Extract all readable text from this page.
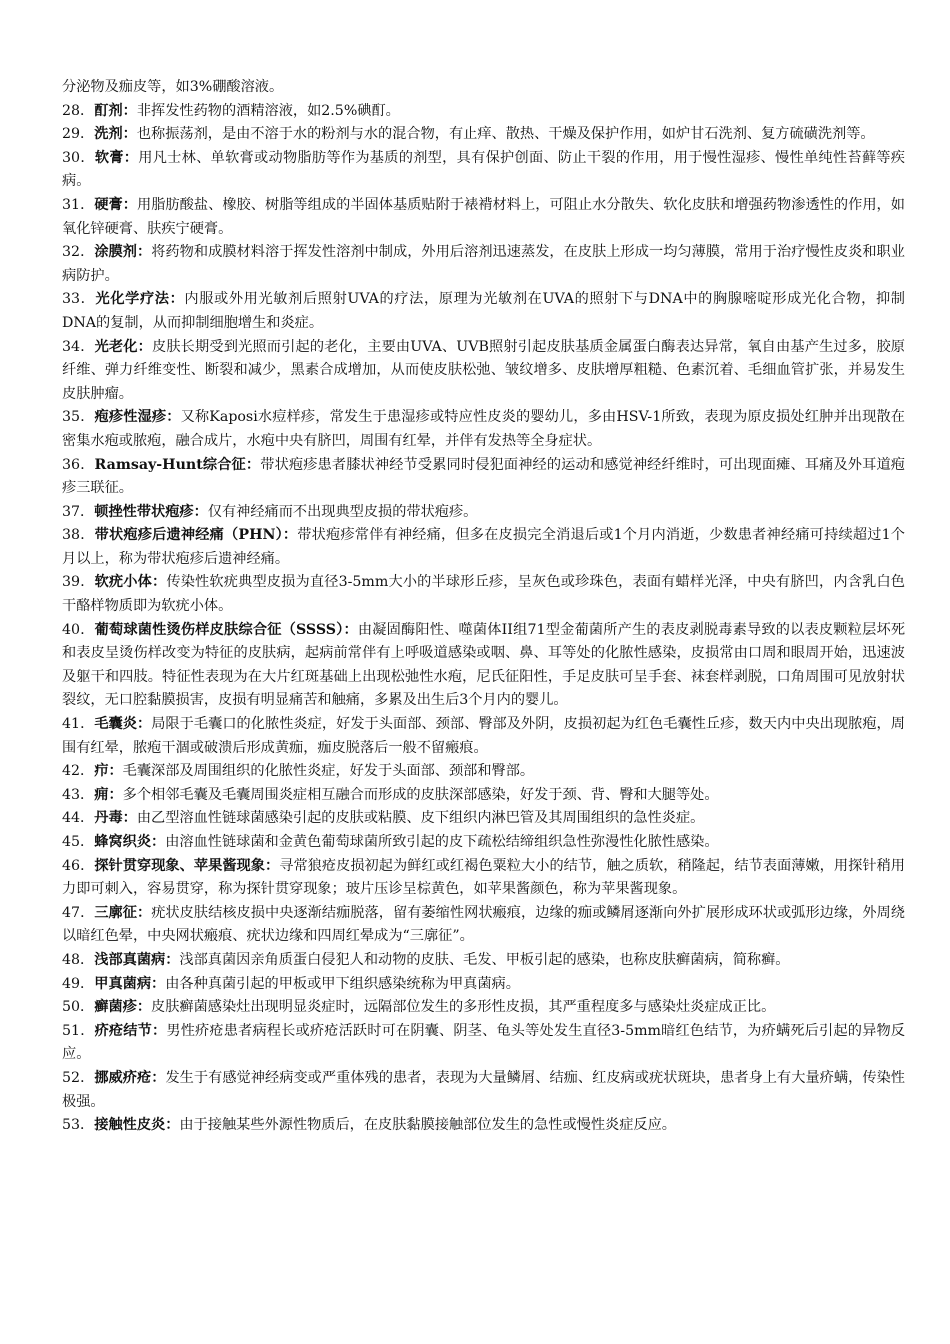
分泌物及痂皮等，如3%硼酸溶液。

28．酊剂：非挥发性药物的酒精溶液，如2.5%碘酊。

29．洗剂：也称振荡剂，是由不溶于水的粉剂与水的混合物，有止痒、散热、干燥及保护作用，如炉甘石洗剂、复方硫磺洗剂等。

30．软膏：用凡士林、单软膏或动物脂肪等作为基质的剂型，具有保护创面、防止干裂的作用，用于慢性湿疹、慢性单纯性苔藓等疾病。

31．硬膏：用脂肪酸盐、橡胶、树脂等组成的半固体基质贴附于裱褙材料上，可阻止水分散失、软化皮肤和增强药物渗透性的作用，如氧化锌硬膏、肤疾宁硬膏。

32．涂膜剂：将药物和成膜材料溶于挥发性溶剂中制成，外用后溶剂迅速蒸发，在皮肤上形成一均匀薄膜，常用于治疗慢性皮炎和职业病防护。

33．光化学疗法：内服或外用光敏剂后照射UVA的疗法，原理为光敏剂在UVA的照射下与DNA中的胸腺嘧啶形成光化合物，抑制DNA的复制，从而抑制细胞增生和炎症。

34．光老化：皮肤长期受到光照而引起的老化，主要由UVA、UVB照射引起皮肤基质金属蛋白酶表达异常，氧自由基产生过多，胶原纤维、弹力纤维变性、断裂和减少，黑素合成增加，从而使皮肤松弛、皱纹增多、皮肤增厚粗糙、色素沉着、毛细血管扩张，并易发生皮肤肿瘤。

35．疱疹性湿疹：又称Kaposi水痘样疹，常发生于患湿疹或特应性皮炎的婴幼儿，多由HSV-1所致，表现为原皮损处红肿并出现散在密集水疱或脓疱，融合成片，水疱中央有脐凹，周围有红晕，并伴有发热等全身症状。

36．Ramsay-Hunt综合征：带状疱疹患者膝状神经节受累同时侵犯面神经的运动和感觉神经纤维时，可出现面瘫、耳痛及外耳道疱疹三联征。

37．顿挫性带状疱疹：仅有神经痛而不出现典型皮损的带状疱疹。

38．带状疱疹后遗神经痛（PHN）：带状疱疹常伴有神经痛，但多在皮损完全消退后或1个月内消逝，少数患者神经痛可持续超过1个月以上，称为带状疱疹后遗神经痛。

39．软疣小体：传染性软疣典型皮损为直径3-5mm大小的半球形丘疹，呈灰色或珍珠色，表面有蜡样光泽，中央有脐凹，内含乳白色干酪样物质即为软疣小体。

40．葡萄球菌性烫伤样皮肤综合征（SSSS）：由凝固酶阳性、噬菌体II组71型金葡菌所产生的表皮剥脱毒素导致的以表皮颗粒层坏死和表皮呈烫伤样改变为特征的皮肤病，起病前常伴有上呼吸道感染或咽、鼻、耳等处的化脓性感染，皮损常由口周和眼周开始，迅速波及躯干和四肢。特征性表现为在大片红斑基础上出现松弛性水疱，尼氏征阳性，手足皮肤可呈手套、袜套样剥脱，口角周围可见放射状裂纹，无口腔黏膜损害，皮损有明显痛苦和触痛，多累及出生后3个月内的婴儿。

41．毛囊炎：局限于毛囊口的化脓性炎症，好发于头面部、颈部、臀部及外阴，皮损初起为红色毛囊性丘疹，数天内中央出现脓疱，周围有红晕，脓疱干涸或破溃后形成黄痂，痂皮脱落后一般不留瘢痕。

42．疖：毛囊深部及周围组织的化脓性炎症，好发于头面部、颈部和臀部。

43．痈：多个相邻毛囊及毛囊周围炎症相互融合而形成的皮肤深部感染，好发于颈、背、臀和大腿等处。

44．丹毒：由乙型溶血性链球菌感染引起的皮肤或粘膜、皮下组织内淋巴管及其周围组织的急性炎症。

45．蜂窝织炎：由溶血性链球菌和金黄色葡萄球菌所致引起的皮下疏松结缔组织急性弥漫性化脓性感染。

46．探针贯穿现象、苹果酱现象：寻常狼疮皮损初起为鲜红或红褐色粟粒大小的结节，触之质软，稍隆起，结节表面薄嫩，用探针稍用力即可刺入，容易贯穿，称为探针贯穿现象；玻片压诊呈棕黄色，如苹果酱颜色，称为苹果酱现象。

47．三廓征：疣状皮肤结核皮损中央逐渐结痂脱落，留有萎缩性网状瘢痕，边缘的痂或鳞屑逐渐向外扩展形成环状或弧形边缘，外周绕以暗红色晕，中央网状瘢痕、疣状边缘和四周红晕成为“三廓征”。

48．浅部真菌病：浅部真菌因亲角质蛋白侵犯人和动物的皮肤、毛发、甲板引起的感染，也称皮肤癣菌病，简称癣。

49．甲真菌病：由各种真菌引起的甲板或甲下组织感染统称为甲真菌病。

50．癣菌疹：皮肤癣菌感染灶出现明显炎症时，远隔部位发生的多形性皮损，其严重程度多与感染灶炎症成正比。

51．疥疮结节：男性疥疮患者病程长或疥疮活跃时可在阴囊、阴茎、龟头等处发生直径3-5mm暗红色结节，为疥螨死后引起的异物反应。

52．挪威疥疮：发生于有感觉神经病变或严重体残的患者，表现为大量鳞屑、结痂、红皮病或疣状斑块，患者身上有大量疥螨，传染性极强。

53．接触性皮炎：由于接触某些外源性物质后，在皮肤黏膜接触部位发生的急性或慢性炎症反应。
